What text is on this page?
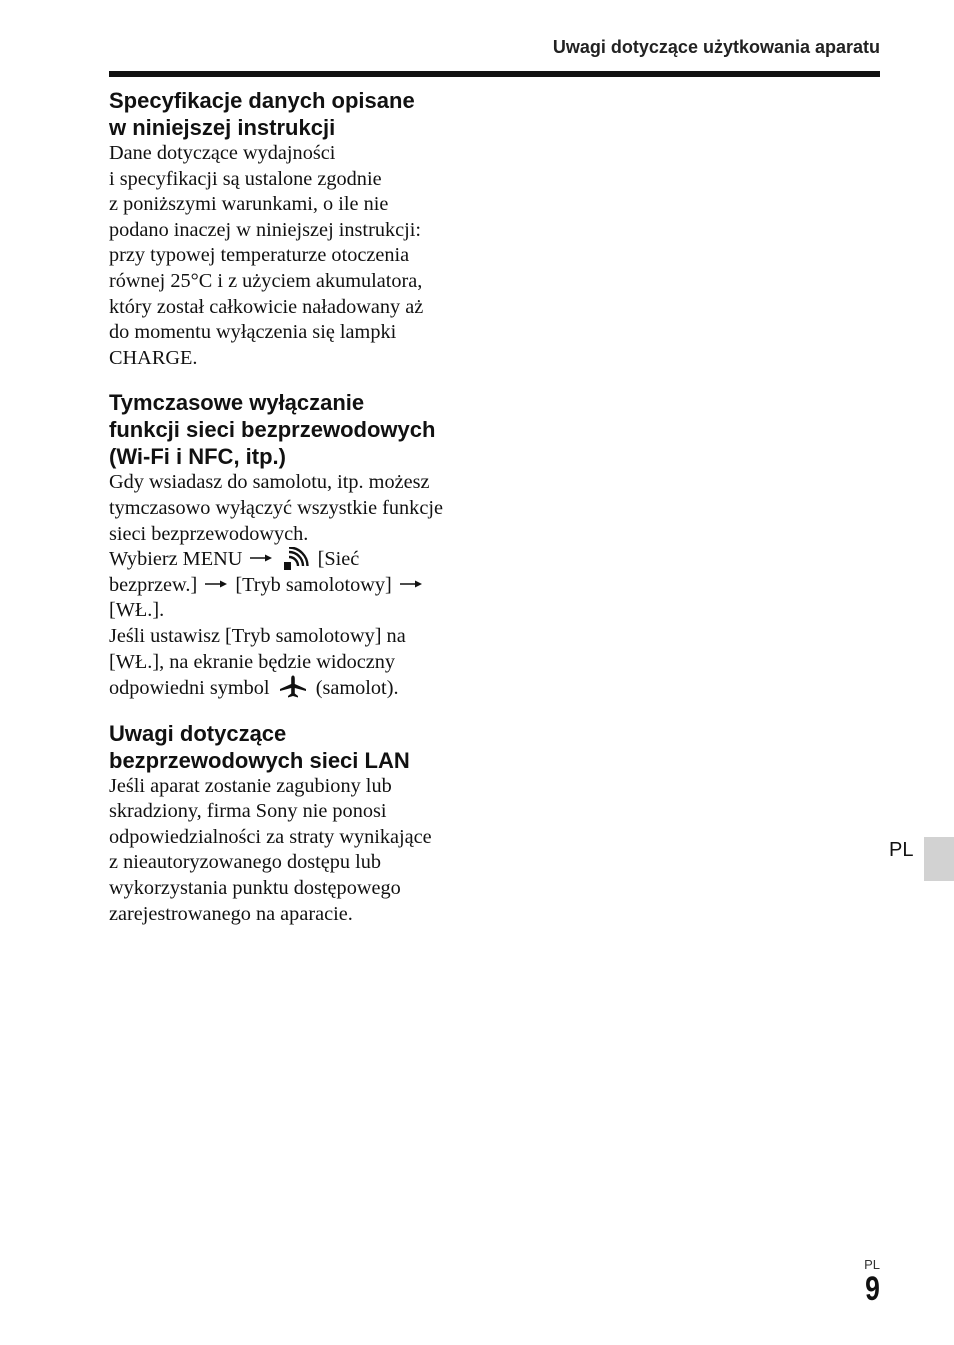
Uwagi dotyczące użytkowania aparatu
Specyfikacje danych opisane
w niniejszej instrukcji

Dane dotyczące wydajności
i specyfikacji są ustalone zgodnie
z poniższymi warunkami, o ile nie
podano inaczej w niniejszej instrukcji:
przy typowej temperaturze otoczenia
równej 25°C i z użyciem akumulatora,
który został całkowicie naładowany aż
do momentu wyłączenia się lampki
CHARGE.

Tymczasowe wyłączanie
funkcji sieci bezprzewodowych
(Wi-Fi i NFC, itp.)

Gdy wsiadasz do samolotu, itp. możesz
tymczasowo wyłączyć wszystkie funkcje
sieci bezprzewodowych.
Wybierz MENU	[Sieć
bezprzew.] [Tryb samolotowy]
[WŁ.].
Jeśli ustawisz [Tryb samolotowy] na
[WŁ.], na ekranie będzie widoczny
odpowiedni symbol (samolot).

Uwagi dotyczące
bezprzewodowych sieci LAN

Jeśli aparat zostanie zagubiony lub
skradziony, firma Sony nie ponosi
odpowiedzialności za straty wynikające
z nieautoryzowanego dostępu lub
wykorzystania punktu dostępowego
zarejestrowanego na aparacie.

PL
PL
9
